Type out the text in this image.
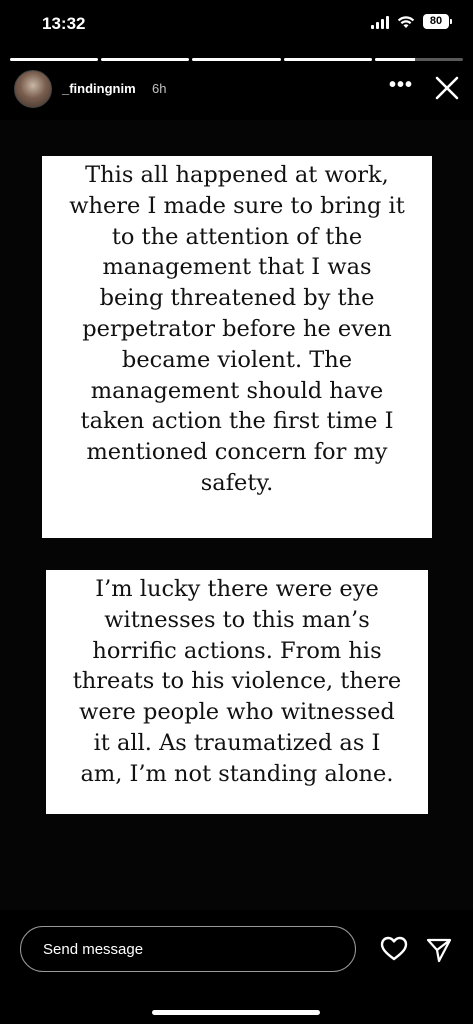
13:32	80
_findingnim 6h	•••
This all happened at work,
where I made sure to bring it
to the attention of the
management that I was
being threatened by the
perpetrator before he even
became violent. The
management should have
taken action the first time I
mentioned concern for my
safety.
I’m lucky there were eye
witnesses to this man’s
horrific actions. From his
threats to his violence, there
were people who witnessed
it all. As traumatized as I
am, I’m not standing alone.
Send message
